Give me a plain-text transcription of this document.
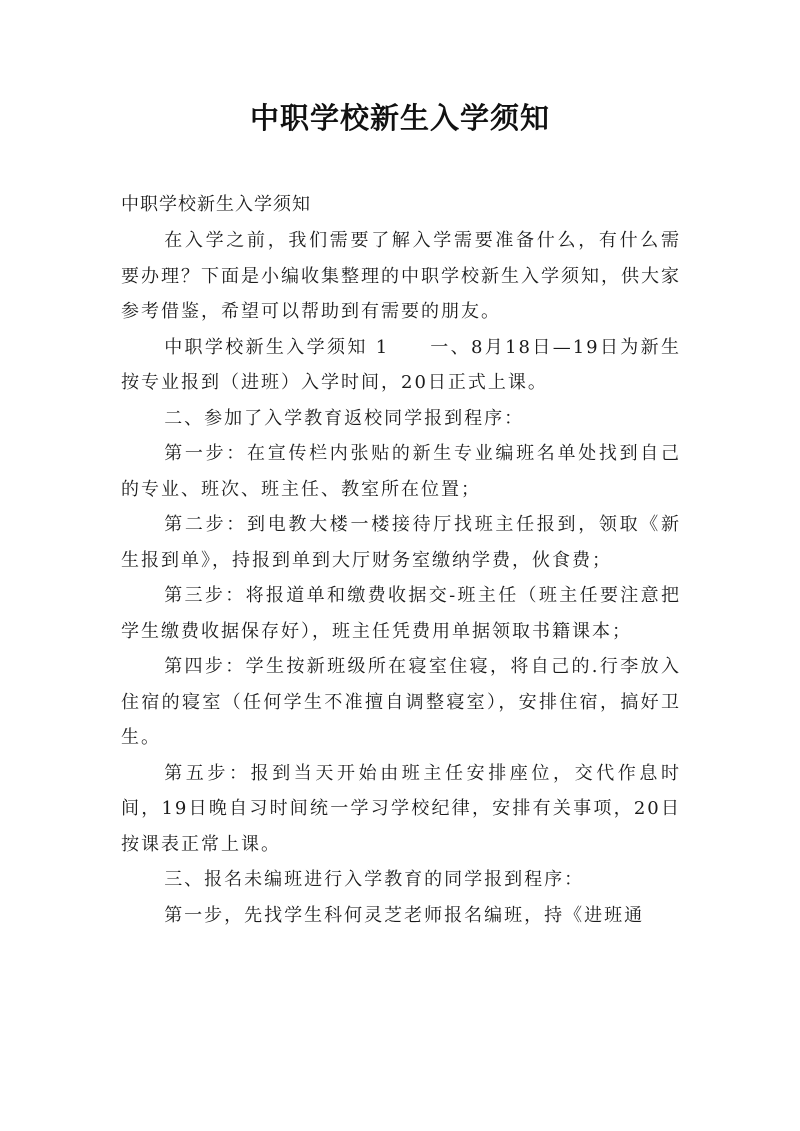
中职学校新生入学须知

中职学校新生入学须知

在入学之前，我们需要了解入学需要准备什么，有什么需要办理？下面是小编收集整理的中职学校新生入学须知，供大家参考借鉴，希望可以帮助到有需要的朋友。

中职学校新生入学须知 1　　一、8月18日—19日为新生按专业报到（进班）入学时间，20日正式上课。

二、参加了入学教育返校同学报到程序：

第一步：在宣传栏内张贴的新生专业编班名单处找到自己的专业、班次、班主任、教室所在位置；

第二步：到电教大楼一楼接待厅找班主任报到，领取《新生报到单》，持报到单到大厅财务室缴纳学费，伙食费；

第三步：将报道单和缴费收据交-班主任（班主任要注意把学生缴费收据保存好），班主任凭费用单据领取书籍课本；

第四步：学生按新班级所在寝室住寝，将自己的.行李放入住宿的寝室（任何学生不准擅自调整寝室），安排住宿，搞好卫生。

第五步：报到当天开始由班主任安排座位，交代作息时间，19日晚自习时间统一学习学校纪律，安排有关事项，20日按课表正常上课。

三、报名未编班进行入学教育的同学报到程序：

第一步，先找学生科何灵芝老师报名编班，持《进班通
